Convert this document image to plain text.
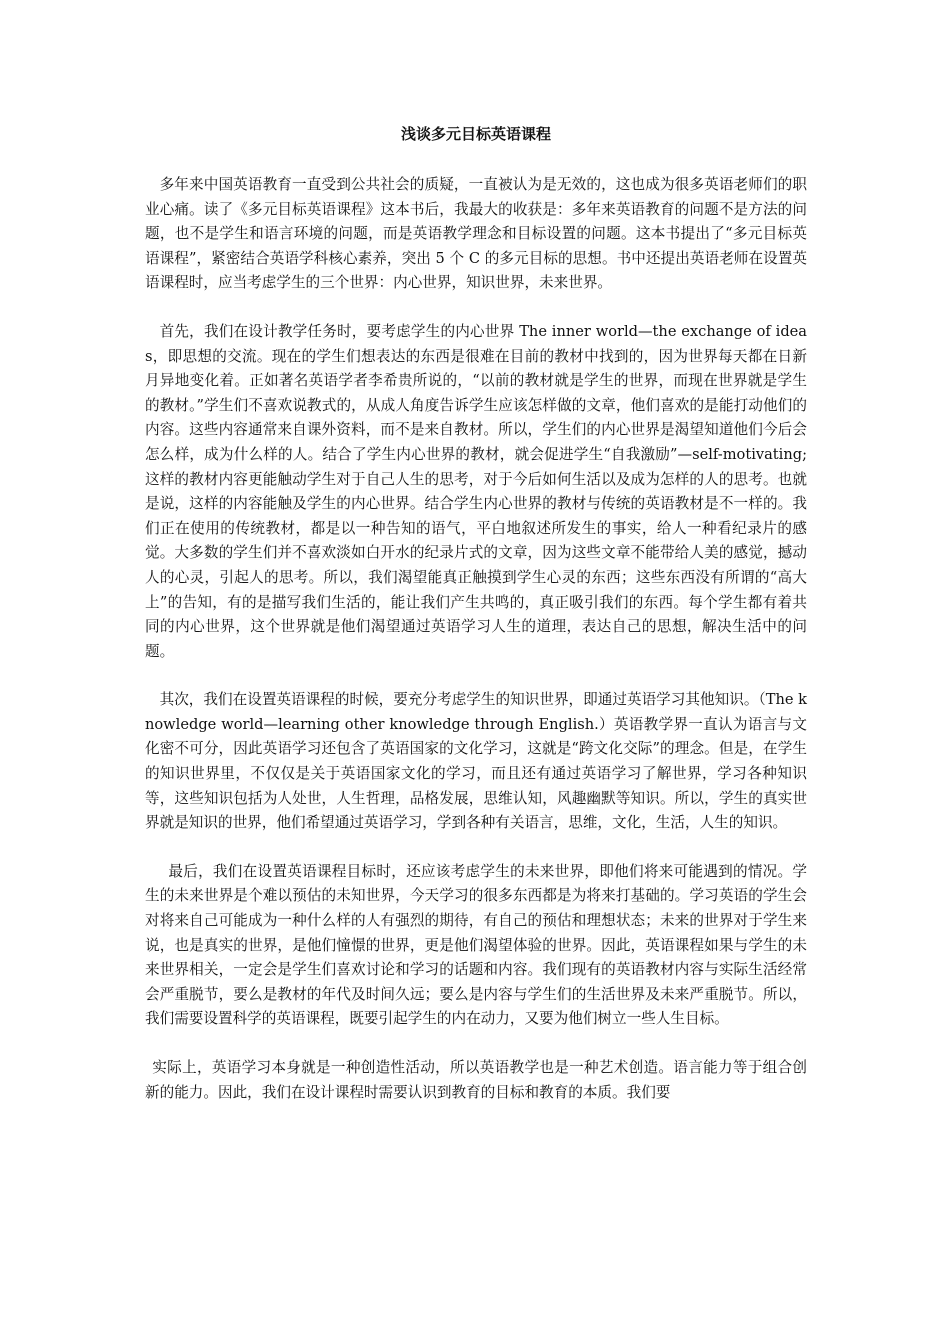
浅谈多元目标英语课程

多年来中国英语教育一直受到公共社会的质疑，一直被认为是无效的，这也成为很多英语老师们的职业心痛。读了《多元目标英语课程》这本书后，我最大的收获是：多年来英语教育的问题不是方法的问题，也不是学生和语言环境的问题，而是英语教学理念和目标设置的问题。这本书提出了“多元目标英语课程”，紧密结合英语学科核心素养，突出 5 个 C 的多元目标的思想。书中还提出英语老师在设置英语课程时，应当考虑学生的三个世界：内心世界，知识世界，未来世界。

首先，我们在设计教学任务时，要考虑学生的内心世界 The inner world—the exchange of ideas，即思想的交流。现在的学生们想表达的东西是很难在目前的教材中找到的，因为世界每天都在日新月异地变化着。正如著名英语学者李希贵所说的，“以前的教材就是学生的世界，而现在世界就是学生的教材。”学生们不喜欢说教式的，从成人角度告诉学生应该怎样做的文章，他们喜欢的是能打动他们的内容。这些内容通常来自课外资料，而不是来自教材。所以，学生们的内心世界是渴望知道他们今后会怎么样，成为什么样的人。结合了学生内心世界的教材，就会促进学生“自我激励”—self-motivating;这样的教材内容更能触动学生对于自己人生的思考，对于今后如何生活以及成为怎样的人的思考。也就是说，这样的内容能触及学生的内心世界。结合学生内心世界的教材与传统的英语教材是不一样的。我们正在使用的传统教材，都是以一种告知的语气，平白地叙述所发生的事实，给人一种看纪录片的感觉。大多数的学生们并不喜欢淡如白开水的纪录片式的文章，因为这些文章不能带给人美的感觉，撼动人的心灵，引起人的思考。所以，我们渴望能真正触摸到学生心灵的东西；这些东西没有所谓的“高大上”的告知，有的是描写我们生活的，能让我们产生共鸣的，真正吸引我们的东西。每个学生都有着共同的内心世界，这个世界就是他们渴望通过英语学习人生的道理，表达自己的思想，解决生活中的问题。

其次，我们在设置英语课程的时候，要充分考虑学生的知识世界，即通过英语学习其他知识。（The knowledge world—learning other knowledge through English.）英语教学界一直认为语言与文化密不可分，因此英语学习还包含了英语国家的文化学习，这就是“跨文化交际”的理念。但是，在学生的知识世界里，不仅仅是关于英语国家文化的学习，而且还有通过英语学习了解世界，学习各种知识等，这些知识包括为人处世，人生哲理，品格发展，思维认知，风趣幽默等知识。所以，学生的真实世界就是知识的世界，他们希望通过英语学习，学到各种有关语言，思维，文化，生活，人生的知识。

最后，我们在设置英语课程目标时，还应该考虑学生的未来世界，即他们将来可能遇到的情况。学生的未来世界是个难以预估的未知世界，今天学习的很多东西都是为将来打基础的。学习英语的学生会对将来自己可能成为一种什么样的人有强烈的期待，有自己的预估和理想状态；未来的世界对于学生来说，也是真实的世界，是他们憧憬的世界，更是他们渴望体验的世界。因此，英语课程如果与学生的未来世界相关，一定会是学生们喜欢讨论和学习的话题和内容。我们现有的英语教材内容与实际生活经常会严重脱节，要么是教材的年代及时间久远；要么是内容与学生们的生活世界及未来严重脱节。所以，我们需要设置科学的英语课程，既要引起学生的内在动力，又要为他们树立一些人生目标。

实际上，英语学习本身就是一种创造性活动，所以英语教学也是一种艺术创造。语言能力等于组合创新的能力。因此，我们在设计课程时需要认识到教育的目标和教育的本质。我们要
